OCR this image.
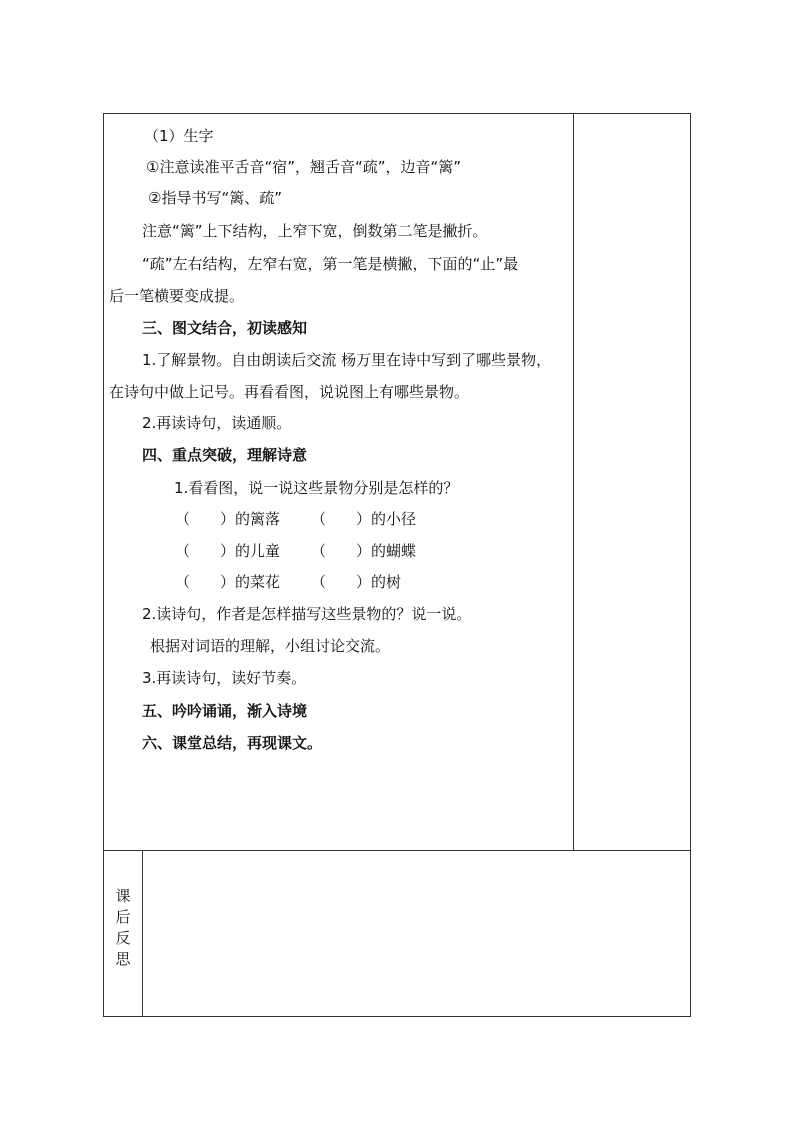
（1）生字
①注意读准平舌音“宿”，翘舌音“疏”，边音“篱”
②指导书写“篱、疏”
注意“篱”上下结构，上窄下宽，倒数第二笔是撇折。
“疏”左右结构，左窄右宽，第一笔是横撇，下面的“止”最
后一笔横要变成提。
三、图文结合，初读感知
1.了解景物。自由朗读后交流 杨万里在诗中写到了哪些景物，
在诗句中做上记号。再看看图，说说图上有哪些景物。
2.再读诗句，读通顺。
四、重点突破，理解诗意
1.看看图，说一说这些景物分别是怎样的？
（　　）的篱落 （　　）的小径
（　　）的儿童 （　　）的蝴蝶
（　　）的菜花 （　　）的树
2.读诗句，作者是怎样描写这些景物的？说一说。
根据对词语的理解，小组讨论交流。
3.再读诗句，读好节奏。
五、吟吟诵诵，渐入诗境
六、课堂总结，再现课文。
课
后
反
思
